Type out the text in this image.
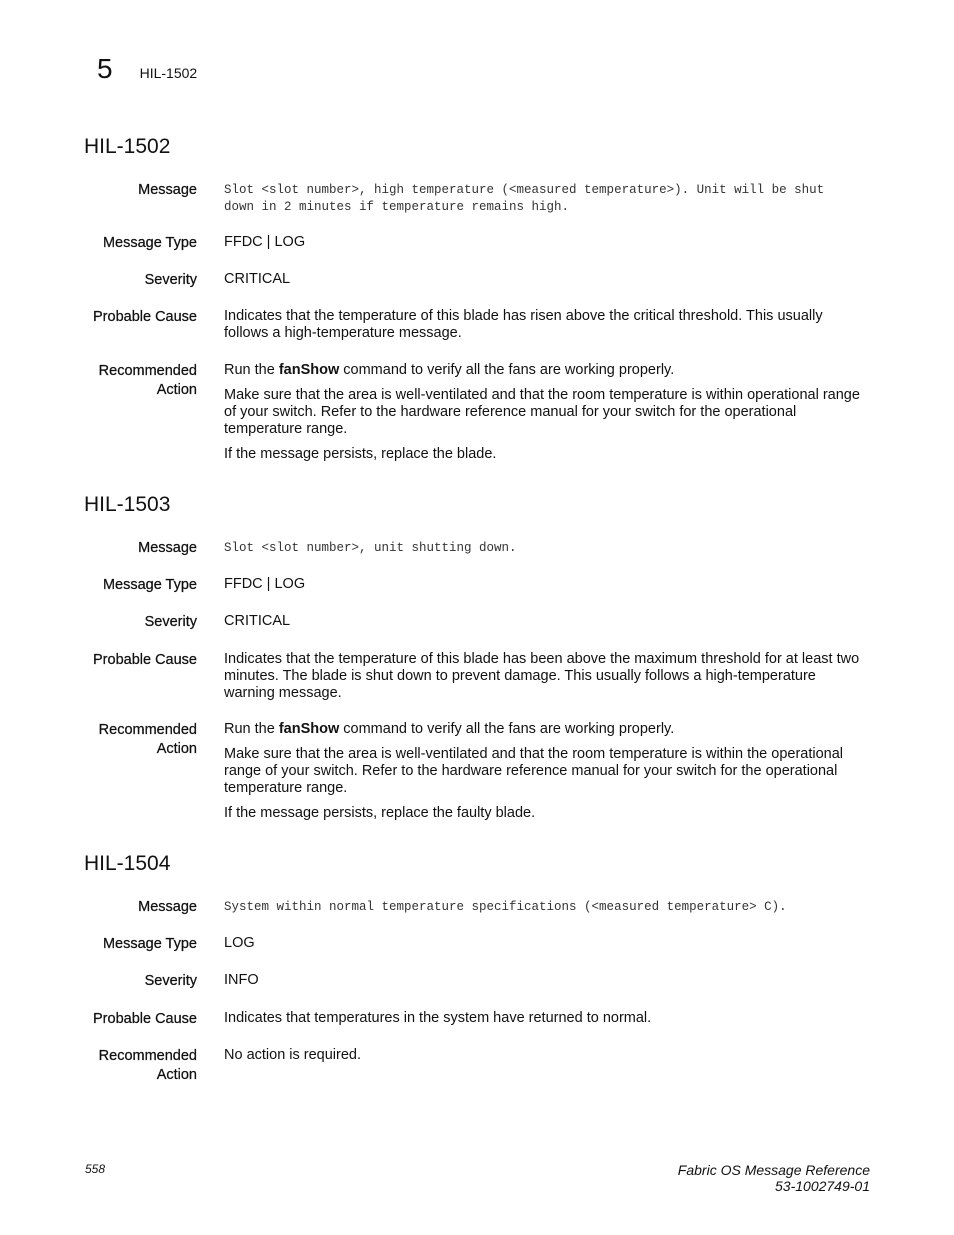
5 HIL-1502
HIL-1502
Message Slot <slot number>, high temperature (<measured temperature>). Unit will be shut
down in 2 minutes if temperature remains high.
Message Type FFDC | LOG
Severity CRITICAL
Probable Cause Indicates that the temperature of this blade has risen above the critical threshold. This usually follows a high-temperature message.
Recommended
Action

Run the fanShow command to verify all the fans are working properly.

Make sure that the area is well-ventilated and that the room temperature is within operational range of your switch. Refer to the hardware reference manual for your switch for the operational temperature range.

If the message persists, replace the blade.

HIL-1503
Message Slot <slot number>, unit shutting down.
Message Type FFDC | LOG
Severity CRITICAL
Probable Cause Indicates that the temperature of this blade has been above the maximum threshold for at least two minutes. The blade is shut down to prevent damage. This usually follows a high-temperature warning message.
Recommended
Action

Run the fanShow command to verify all the fans are working properly.

Make sure that the area is well-ventilated and that the room temperature is within the operational range of your switch. Refer to the hardware reference manual for your switch for the operational temperature range.

If the message persists, replace the faulty blade.

HIL-1504
Message System within normal temperature specifications (<measured temperature> C).
Message Type LOG
Severity INFO
Probable Cause Indicates that temperatures in the system have returned to normal.
Recommended
Action

No action is required.

558	Fabric OS Message Reference
53-1002749-01
